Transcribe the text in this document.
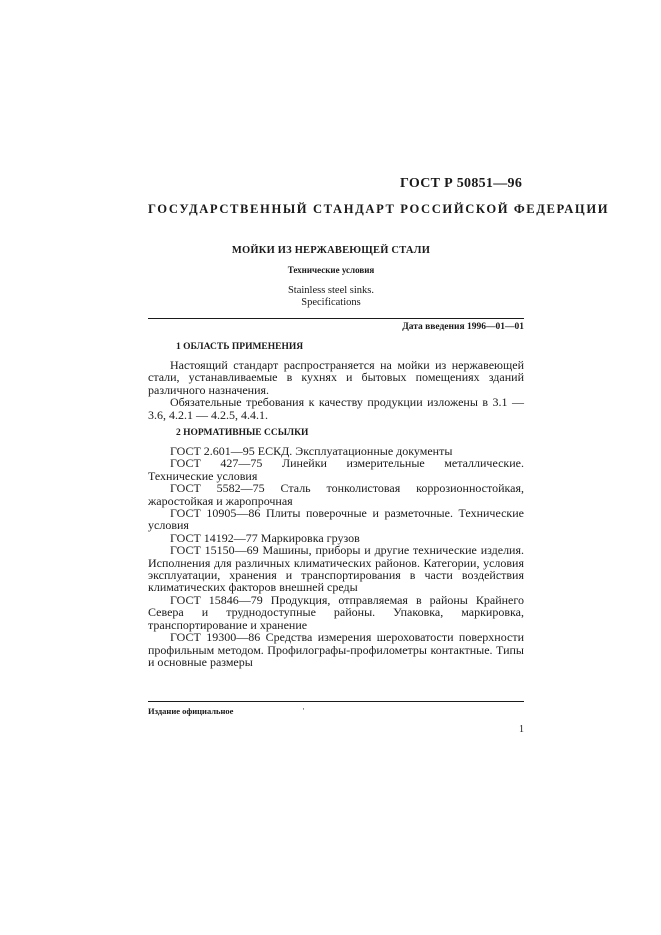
ГОСТ Р 50851—96
ГОСУДАРСТВЕННЫЙ СТАНДАРТ РОССИЙСКОЙ ФЕДЕРАЦИИ
МОЙКИ ИЗ НЕРЖАВЕЮЩЕЙ СТАЛИ
Технические условия
Stainless steel sinks.
Specifications
Дата введения 1996—01—01
1 ОБЛАСТЬ ПРИМЕНЕНИЯ

Настоящий стандарт распространяется на мойки из нержавеющей стали, устанавливаемые в кухнях и бытовых помещениях зданий различного назначения.

Обязательные требования к качеству продукции изложены в 3.1 — 3.6, 4.2.1 — 4.2.5, 4.4.1.

2 НОРМАТИВНЫЕ ССЫЛКИ

ГОСТ 2.601—95 ЕСКД. Эксплуатационные документы

ГОСТ 427—75 Линейки измерительные металлические. Технические условия

ГОСТ 5582—75 Сталь тонколистовая коррозионностойкая, жаростойкая и жаропрочная

ГОСТ 10905—86 Плиты поверочные и разметочные. Технические условия

ГОСТ 14192—77 Маркировка грузов

ГОСТ 15150—69 Машины, приборы и другие технические изделия. Исполнения для различных климатических районов. Категории, условия эксплуатации, хранения и транспортирования в части воздействия климатических факторов внешней среды

ГОСТ 15846—79 Продукция, отправляемая в районы Крайнего Севера и труднодоступные районы. Упаковка, маркировка, транспортирование и хранение

ГОСТ 19300—86 Средства измерения шероховатости поверхности профильным методом. Профилографы-профилометры контактные. Типы и основные размеры

Издание официальное	·
1
